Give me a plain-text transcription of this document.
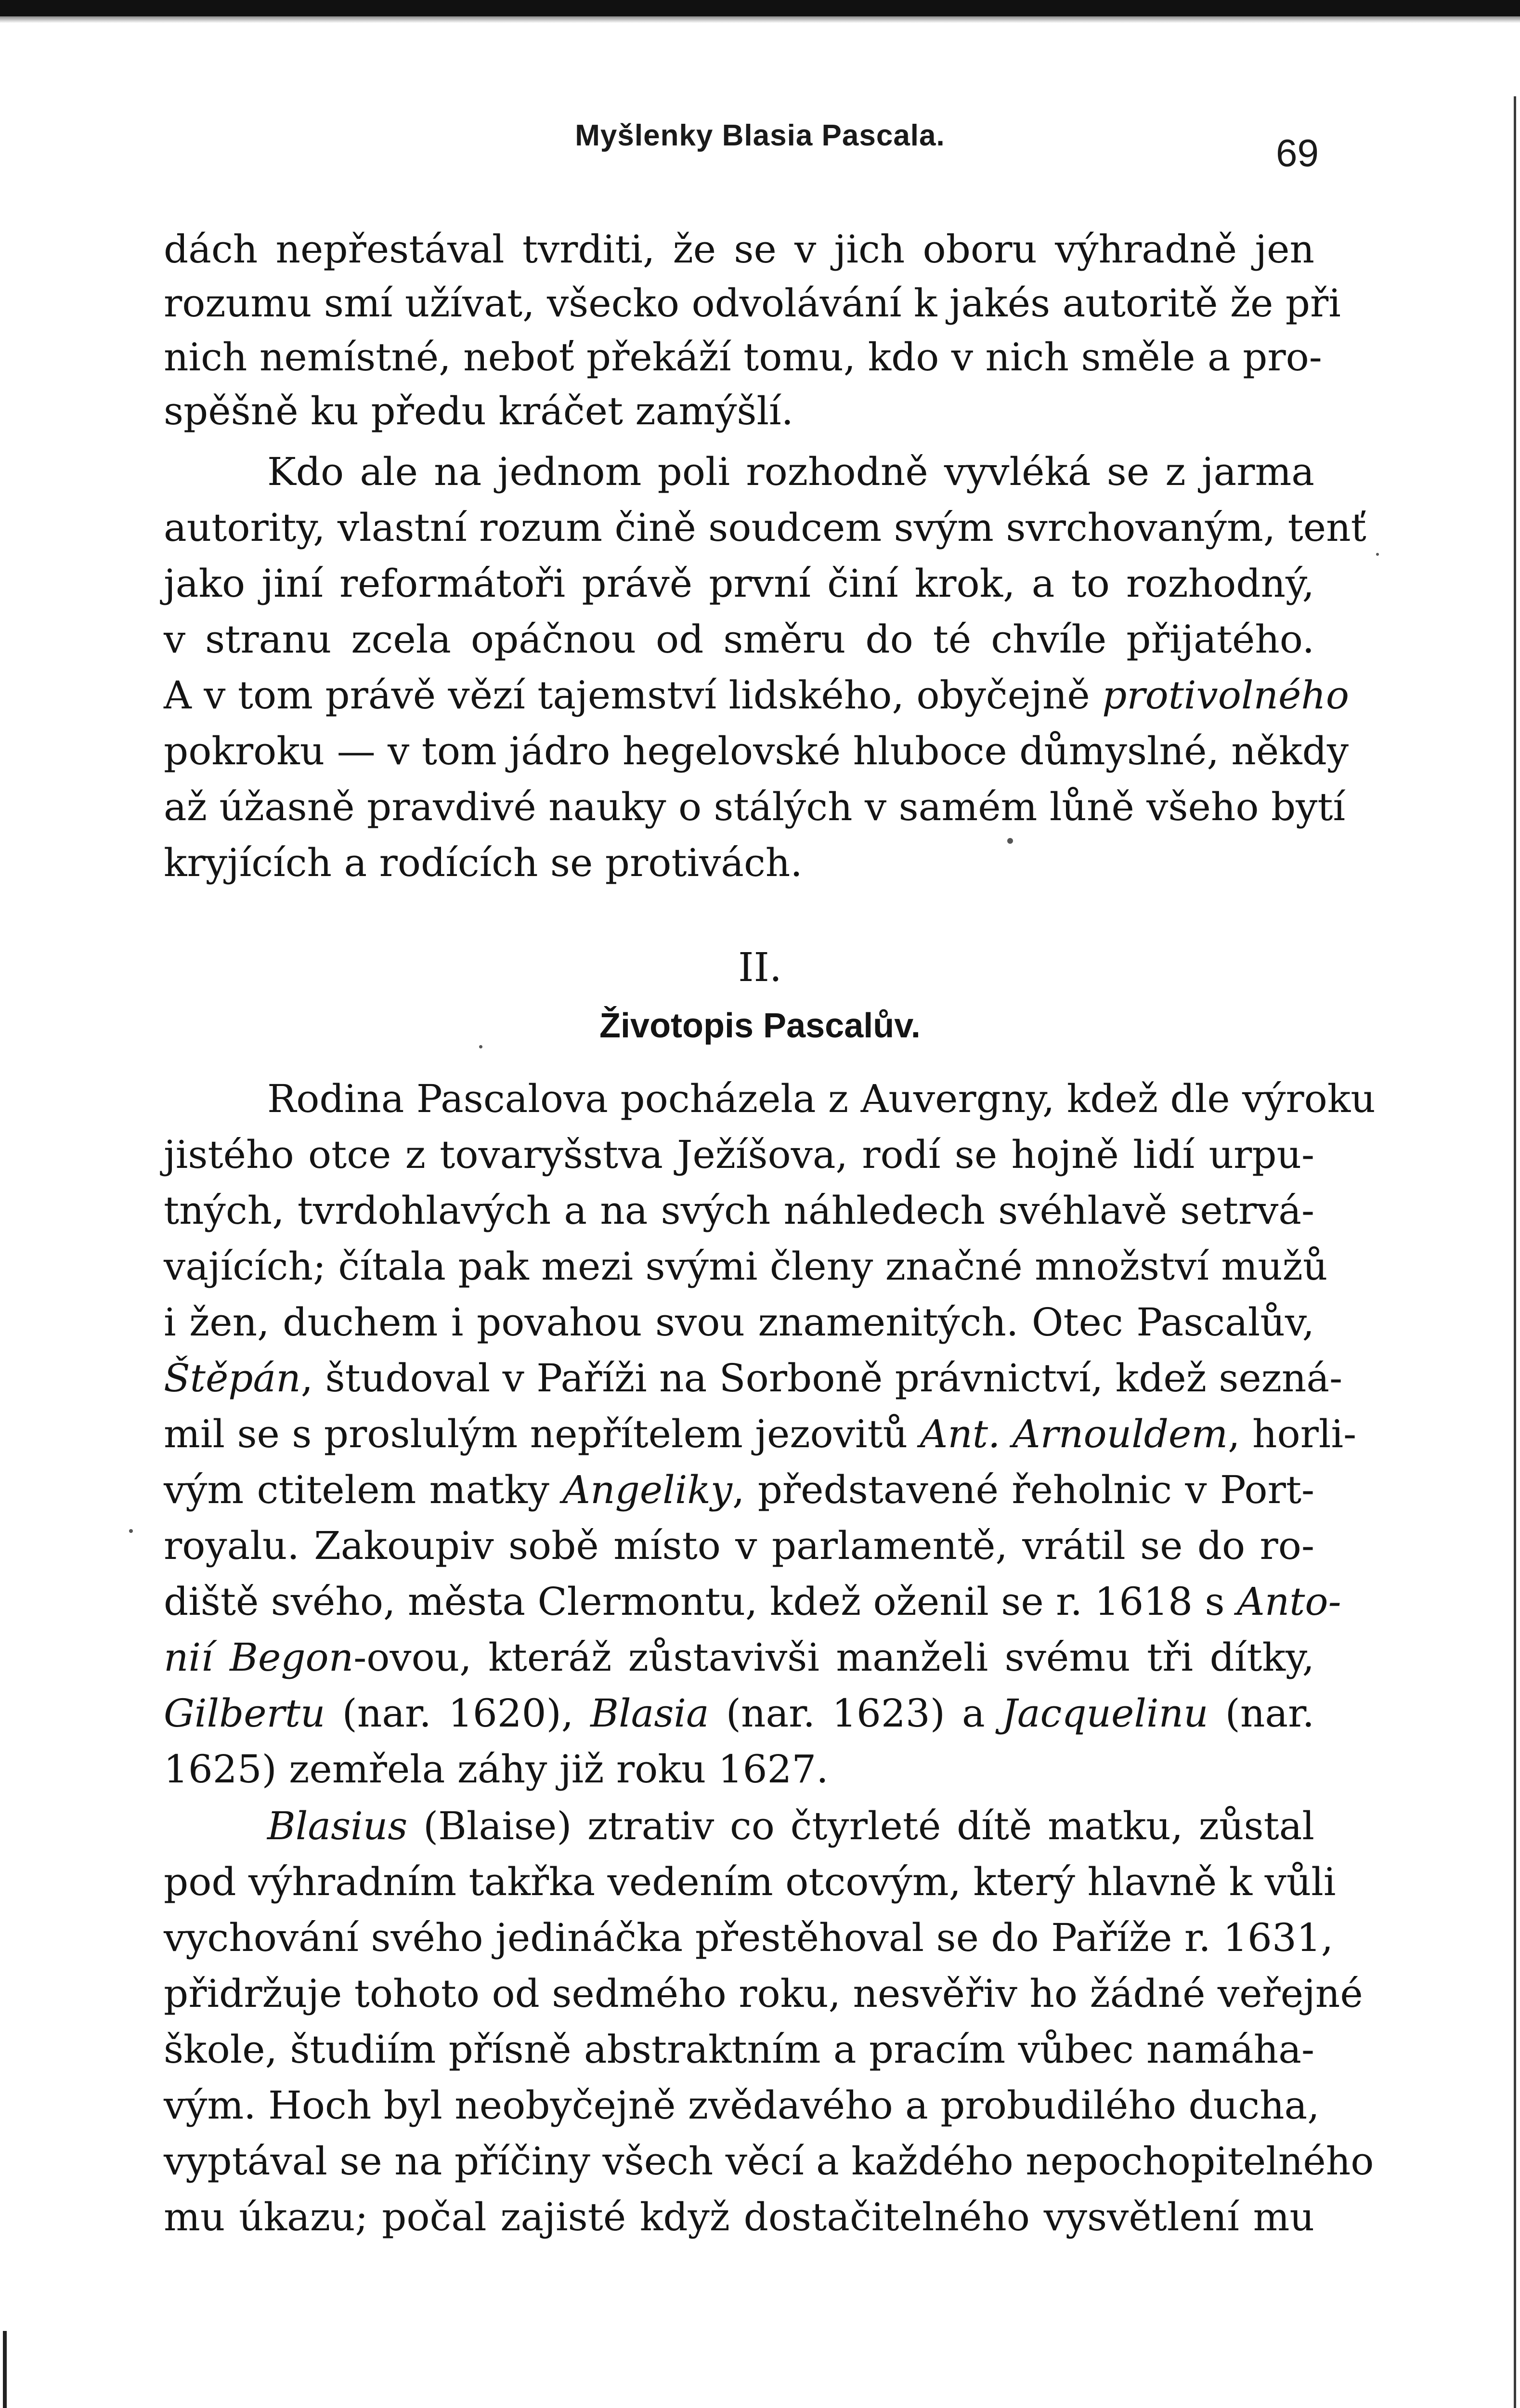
Myšlenky Blasia Pascala.	69
dách nepřestával tvrditi, že se v jich oboru výhradně jen
rozumu smí užívat, všecko odvolávání k jakés autoritě že při
nich nemístné, neboť překáží tomu, kdo v nich směle a pro-
spěšně ku předu kráčet zamýšlí.
Kdo ale na jednom poli rozhodně vyvléká se z jarma
autority, vlastní rozum čině soudcem svým svrchovaným, tenť
jako jiní reformátoři právě první činí krok, a to rozhodný,
v stranu zcela opáčnou od směru do té chvíle přijatého.
A v tom právě vězí tajemství lidského, obyčejně protivolného
pokroku — v tom jádro hegelovské hluboce důmyslné, někdy
až úžasně pravdivé nauky o stálých v samém lůně všeho bytí
kryjících a rodících se protivách.
II.
Životopis Pascalův.
Rodina Pascalova pocházela z Auvergny, kdež dle výroku
jistého otce z tovaryšstva Ježíšova, rodí se hojně lidí urpu-
tných, tvrdohlavých a na svých náhledech svéhlavě setrvá-
vajících; čítala pak mezi svými členy značné množství mužů
i žen, duchem i povahou svou znamenitých. Otec Pascalův,
Štěpán, študoval v Paříži na Sorboně právnictví, kdež sezná-
mil se s proslulým nepřítelem jezovitů Ant. Arnouldem, horli-
vým ctitelem matky Angeliky, představené řeholnic v Port-
royalu. Zakoupiv sobě místo v parlamentě, vrátil se do ro-
diště svého, města Clermontu, kdež oženil se r. 1618 s Anto-
nií Begon-ovou, kteráž zůstavivši manželi svému tři dítky,
Gilbertu (nar. 1620), Blasia (nar. 1623) a Jacquelinu (nar.
1625) zemřela záhy již roku 1627.
Blasius (Blaise) ztrativ co čtyrleté dítě matku, zůstal
pod výhradním takřka vedením otcovým, který hlavně k vůli
vychování svého jedináčka přestěhoval se do Paříže r. 1631,
přidržuje tohoto od sedmého roku, nesvěřiv ho žádné veřejné
škole, študiím přísně abstraktním a pracím vůbec namáha-
vým. Hoch byl neobyčejně zvědavého a probudilého ducha,
vyptával se na příčiny všech věcí a každého nepochopitelného
mu úkazu; počal zajisté když dostačitelného vysvětlení mu
